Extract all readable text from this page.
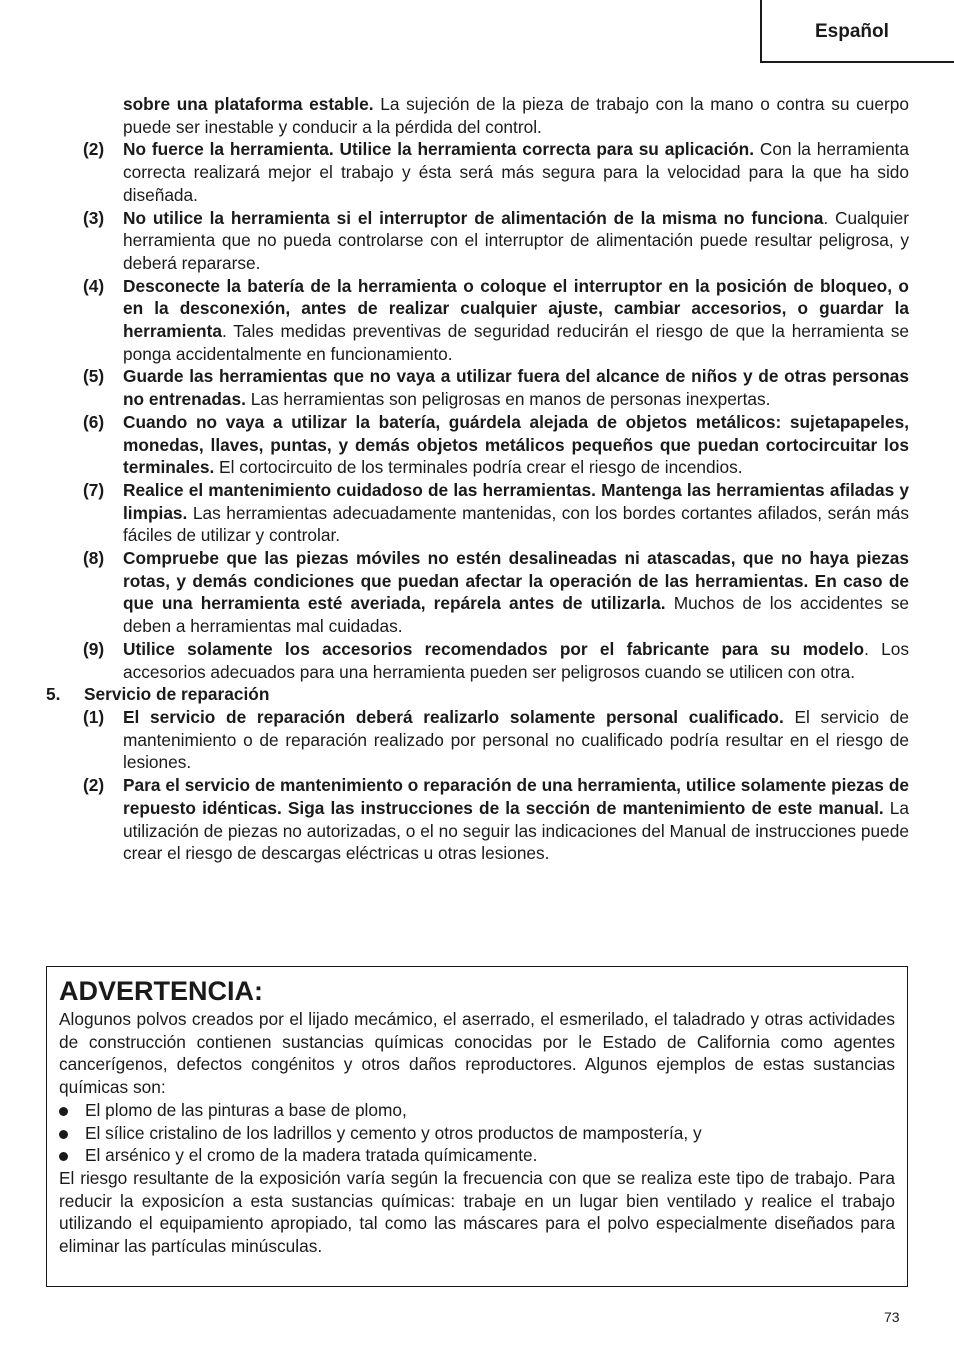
Español
sobre una plataforma estable. La sujeción de la pieza de trabajo con la mano o contra su cuerpo puede ser inestable y conducir a la pérdida del control.
(2) No fuerce la herramienta. Utilice la herramienta correcta para su aplicación. Con la herramienta correcta realizará mejor el trabajo y ésta será más segura para la velocidad para la que ha sido diseñada.
(3) No utilice la herramienta si el interruptor de alimentación de la misma no funciona. Cualquier herramienta que no pueda controlarse con el interruptor de alimentación puede resultar peligrosa, y deberá repararse.
(4) Desconecte la batería de la herramienta o coloque el interruptor en la posición de bloqueo, o en la desconexión, antes de realizar cualquier ajuste, cambiar accesorios, o guardar la herramienta. Tales medidas preventivas de seguridad reducirán el riesgo de que la herramienta se ponga accidentalmente en funcionamiento.
(5) Guarde las herramientas que no vaya a utilizar fuera del alcance de niños y de otras personas no entrenadas. Las herramientas son peligrosas en manos de personas inexpertas.
(6) Cuando no vaya a utilizar la batería, guárdela alejada de objetos metálicos: sujetapapeles, monedas, llaves, puntas, y demás objetos metálicos pequeños que puedan cortocircuitar los terminales. El cortocircuito de los terminales podría crear el riesgo de incendios.
(7) Realice el mantenimiento cuidadoso de las herramientas. Mantenga las herramientas afiladas y limpias. Las herramientas adecuadamente mantenidas, con los bordes cortantes afilados, serán más fáciles de utilizar y controlar.
(8) Compruebe que las piezas móviles no estén desalineadas ni atascadas, que no haya piezas rotas, y demás condiciones que puedan afectar la operación de las herramientas. En caso de que una herramienta esté averiada, repárela antes de utilizarla. Muchos de los accidentes se deben a herramientas mal cuidadas.
(9) Utilice solamente los accesorios recomendados por el fabricante para su modelo. Los accesorios adecuados para una herramienta pueden ser peligrosos cuando se utilicen con otra.
5. Servicio de reparación
(1) El servicio de reparación deberá realizarlo solamente personal cualificado. El servicio de mantenimiento o de reparación realizado por personal no cualificado podría resultar en el riesgo de lesiones.
(2) Para el servicio de mantenimiento o reparación de una herramienta, utilice solamente piezas de repuesto idénticas. Siga las instrucciones de la sección de mantenimiento de este manual. La utilización de piezas no autorizadas, o el no seguir las indicaciones del Manual de instrucciones puede crear el riesgo de descargas eléctricas u otras lesiones.
ADVERTENCIA:
Alogunos polvos creados por el lijado mecámico, el aserrado, el esmerilado, el taladrado y otras actividades de construcción contienen sustancias químicas conocidas por le Estado de California como agentes cancerígenos, defectos congénitos y otros daños reproductores. Algunos ejemplos de estas sustancias químicas son:
El plomo de las pinturas a base de plomo,
El sílice cristalino de los ladrillos y cemento y otros productos de mampostería, y
El arsénico y el cromo de la madera tratada químicamente.
El riesgo resultante de la exposición varía según la frecuencia con que se realiza este tipo de trabajo. Para reducir la exposicíon a esta sustancias químicas: trabaje en un lugar bien ventilado y realice el trabajo utilizando el equipamiento apropiado, tal como las máscares para el polvo especialmente diseñados para eliminar las partículas minúsculas.
73
